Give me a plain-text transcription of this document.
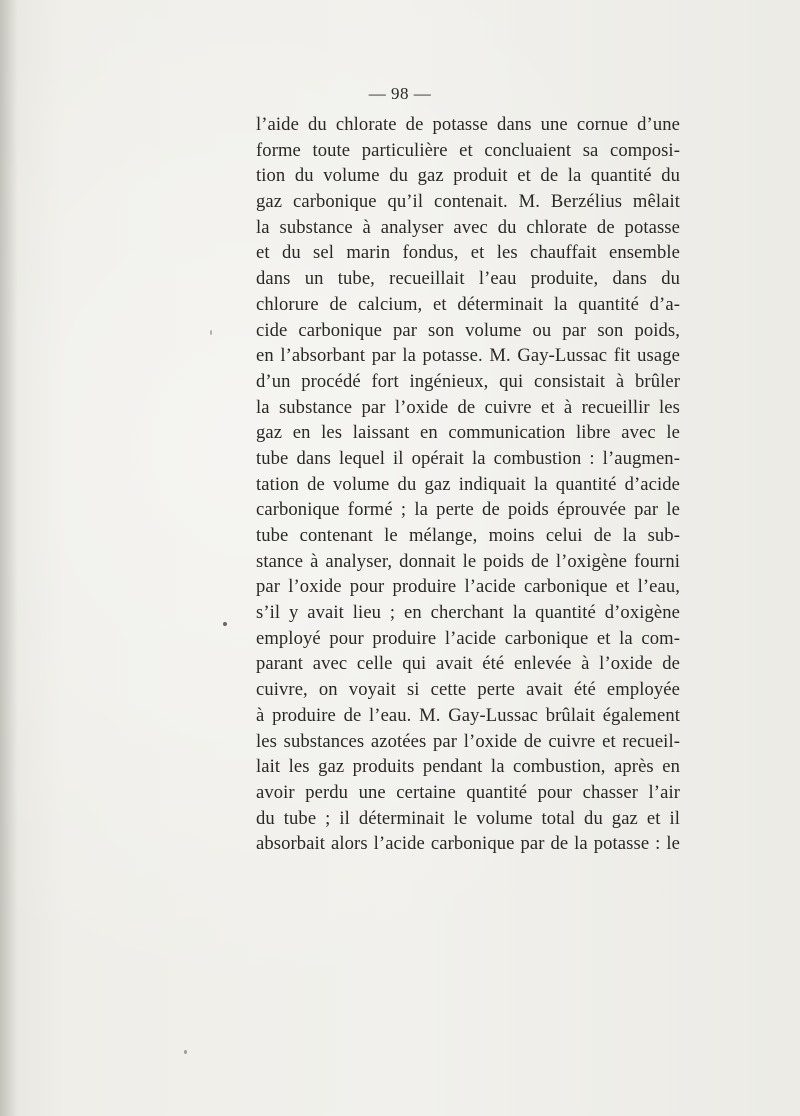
— 98 —
l’aide du chlorate de potasse dans une cornue d’une
forme toute particulière et concluaient sa composi-
tion du volume du gaz produit et de la quantité du
gaz carbonique qu’il contenait. M. Berzélius mêlait
la substance à analyser avec du chlorate de potasse
et du sel marin fondus, et les chauffait ensemble
dans un tube, recueillait l’eau produite, dans du
chlorure de calcium, et déterminait la quantité d’a-
cide carbonique par son volume ou par son poids,
en l’absorbant par la potasse. M. Gay-Lussac fit usage
d’un procédé fort ingénieux, qui consistait à brûler
la substance par l’oxide de cuivre et à recueillir les
gaz en les laissant en communication libre avec le
tube dans lequel il opérait la combustion : l’augmen-
tation de volume du gaz indiquait la quantité d’acide
carbonique formé ; la perte de poids éprouvée par le
tube contenant le mélange, moins celui de la sub-
stance à analyser, donnait le poids de l’oxigène fourni
par l’oxide pour produire l’acide carbonique et l’eau,
s’il y avait lieu ; en cherchant la quantité d’oxigène
employé pour produire l’acide carbonique et la com-
parant avec celle qui avait été enlevée à l’oxide de
cuivre, on voyait si cette perte avait été employée
à produire de l’eau. M. Gay-Lussac brûlait également
les substances azotées par l’oxide de cuivre et recueil-
lait les gaz produits pendant la combustion, après en
avoir perdu une certaine quantité pour chasser l’air
du tube ; il déterminait le volume total du gaz et il
absorbait alors l’acide carbonique par de la potasse : le
